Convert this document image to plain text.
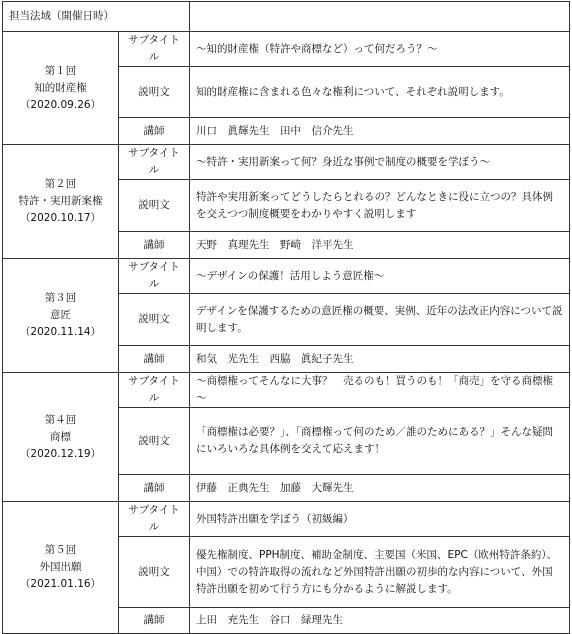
担当法域（開催日時）		

第１回
知的財産権
（2020.09.26）	サブタイトル	～知的財産権（特許や商標など）って何だろう？～
	説明文	知的財産権に含まれる色々な権利について、それぞれ説明します。
	講師	川口　眞輝先生　田中　信介先生

第２回
特許・実用新案権
（2020.10.17）	サブタイトル	～特許・実用新案って何？身近な事例で制度の概要を学ぼう～
	説明文	特許や実用新案ってどうしたらとれるの？どんなときに役に立つの？具体例を交えつつ制度概要をわかりやすく説明します
	講師	天野　真理先生　野崎　洋平先生

第３回
意匠
（2020.11.14）	サブタイトル	～デザインの保護！活用しよう意匠権～
	説明文	デザインを保護するための意匠権の概要、実例、近年の法改正内容について説明します。
	講師	和気　光先生　西脇　眞紀子先生

第４回
商標
（2020.12.19）	サブタイトル	～商標権ってそんなに大事？　売るのも！買うのも！「商売」を守る商標権～
	説明文	「商標権は必要？」、「商標権って何のため／誰のためにある？」そんな疑問にいろいろな具体例を交えて応えます！
	講師	伊藤　正典先生　加藤　大輝先生

第５回
外国出願
（2021.01.16）	サブタイトル	外国特許出願を学ぼう（初級編）
	説明文	優先権制度、PPH制度、補助金制度、主要国（米国、EPC（欧州特許条約）、中国）での特許取得の流れなど外国特許出願の初歩的な内容について、外国特許出願を初めて行う方にも分かるように解説します。
	講師	上田　充先生　谷口　緑理先生
